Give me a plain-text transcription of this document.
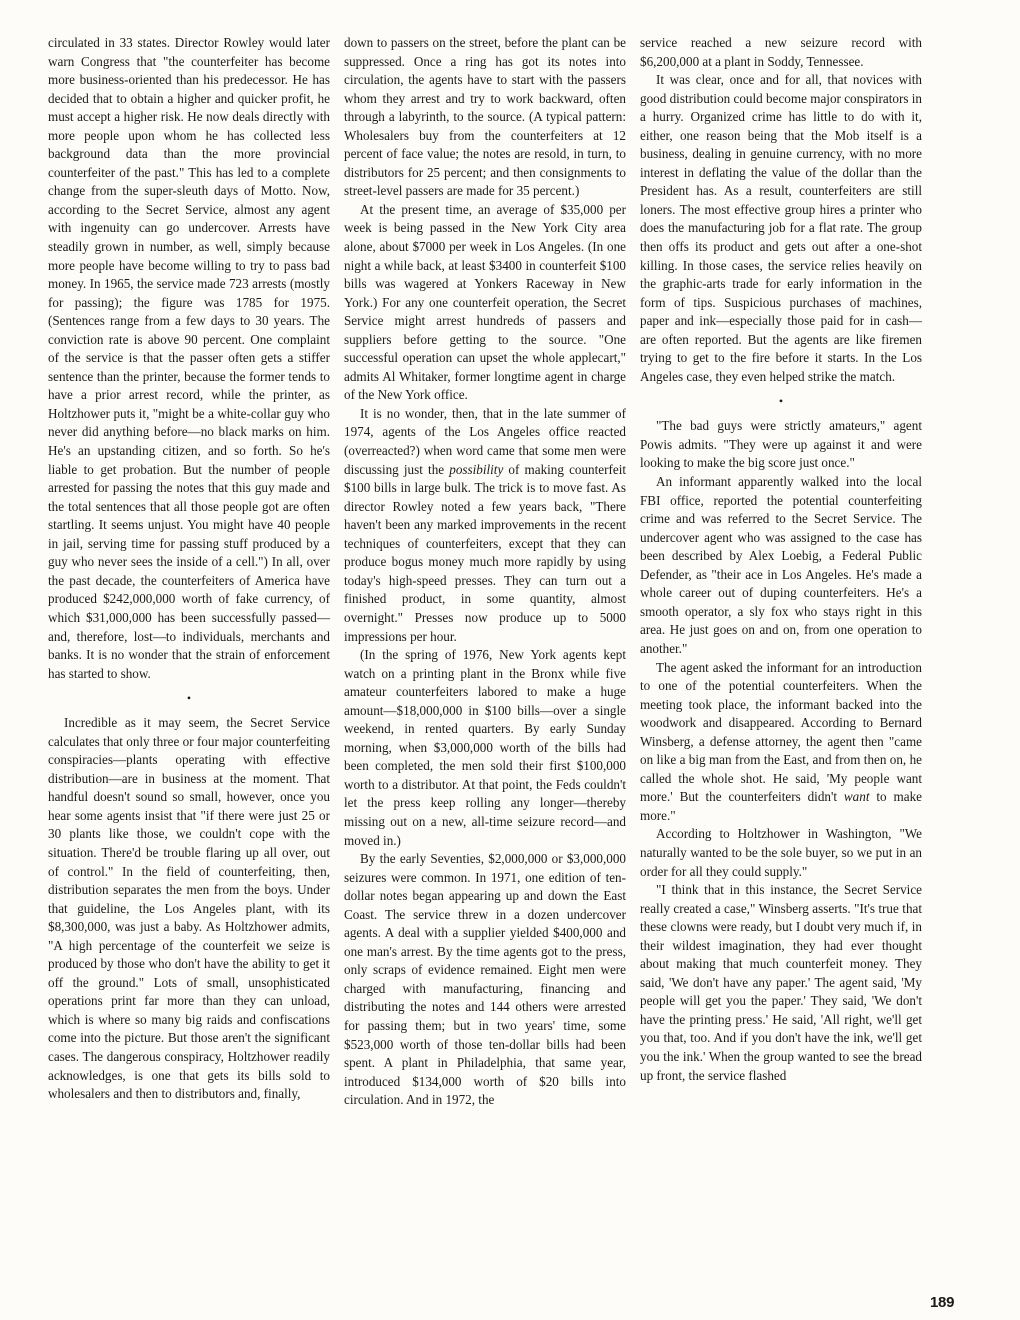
circulated in 33 states. Director Rowley would later warn Congress that "the counterfeiter has become more business-oriented than his predecessor. He has decided that to obtain a higher and quicker profit, he must accept a higher risk. He now deals directly with more people upon whom he has collected less background data than the more provincial counterfeiter of the past." This has led to a complete change from the super-sleuth days of Motto. Now, according to the Secret Service, almost any agent with ingenuity can go undercover. Arrests have steadily grown in number, as well, simply because more people have become willing to try to pass bad money. In 1965, the service made 723 arrests (mostly for passing); the figure was 1785 for 1975. (Sentences range from a few days to 30 years. The conviction rate is above 90 percent. One complaint of the service is that the passer often gets a stiffer sentence than the printer, because the former tends to have a prior arrest record, while the printer, as Holtzhower puts it, "might be a white-collar guy who never did anything before—no black marks on him. He's an upstanding citizen, and so forth. So he's liable to get probation. But the number of people arrested for passing the notes that this guy made and the total sentences that all those people got are often startling. It seems unjust. You might have 40 people in jail, serving time for passing stuff produced by a guy who never sees the inside of a cell.") In all, over the past decade, the counterfeiters of America have produced $242,000,000 worth of fake currency, of which $31,000,000 has been successfully passed—and, therefore, lost—to individuals, merchants and banks. It is no wonder that the strain of enforcement has started to show.

•

Incredible as it may seem, the Secret Service calculates that only three or four major counterfeiting conspiracies—plants operating with effective distribution—are in business at the moment. That handful doesn't sound so small, however, once you hear some agents insist that "if there were just 25 or 30 plants like those, we couldn't cope with the situation. There'd be trouble flaring up all over, out of control." In the field of counterfeiting, then, distribution separates the men from the boys. Under that guideline, the Los Angeles plant, with its $8,300,000, was just a baby. As Holtzhower admits, "A high percentage of the counterfeit we seize is produced by those who don't have the ability to get it off the ground." Lots of small, unsophisticated operations print far more than they can unload, which is where so many big raids and confiscations come into the picture. But those aren't the significant cases. The dangerous conspiracy, Holtzhower readily acknowledges, is one that gets its bills sold to wholesalers and then to distributors and, finally,

down to passers on the street, before the plant can be suppressed. Once a ring has got its notes into circulation, the agents have to start with the passers whom they arrest and try to work backward, often through a labyrinth, to the source. (A typical pattern: Wholesalers buy from the counterfeiters at 12 percent of face value; the notes are resold, in turn, to distributors for 25 percent; and then consignments to street-level passers are made for 35 percent.)

At the present time, an average of $35,000 per week is being passed in the New York City area alone, about $7000 per week in Los Angeles. (In one night a while back, at least $3400 in counterfeit $100 bills was wagered at Yonkers Raceway in New York.) For any one counterfeit operation, the Secret Service might arrest hundreds of passers and suppliers before getting to the source. "One successful operation can upset the whole applecart," admits Al Whitaker, former longtime agent in charge of the New York office.

It is no wonder, then, that in the late summer of 1974, agents of the Los Angeles office reacted (overreacted?) when word came that some men were discussing just the possibility of making counterfeit $100 bills in large bulk. The trick is to move fast. As director Rowley noted a few years back, "There haven't been any marked improvements in the recent techniques of counterfeiters, except that they can produce bogus money much more rapidly by using today's high-speed presses. They can turn out a finished product, in some quantity, almost overnight." Presses now produce up to 5000 impressions per hour.

(In the spring of 1976, New York agents kept watch on a printing plant in the Bronx while five amateur counterfeiters labored to make a huge amount—$18,000,000 in $100 bills—over a single weekend, in rented quarters. By early Sunday morning, when $3,000,000 worth of the bills had been completed, the men sold their first $100,000 worth to a distributor. At that point, the Feds couldn't let the press keep rolling any longer—thereby missing out on a new, all-time seizure record—and moved in.)

By the early Seventies, $2,000,000 or $3,000,000 seizures were common. In 1971, one edition of ten-dollar notes began appearing up and down the East Coast. The service threw in a dozen undercover agents. A deal with a supplier yielded $400,000 and one man's arrest. By the time agents got to the press, only scraps of evidence remained. Eight men were charged with manufacturing, financing and distributing the notes and 144 others were arrested for passing them; but in two years' time, some $523,000 worth of those ten-dollar bills had been spent. A plant in Philadelphia, that same year, introduced $134,000 worth of $20 bills into circulation. And in 1972, the

service reached a new seizure record with $6,200,000 at a plant in Soddy, Tennessee.

It was clear, once and for all, that novices with good distribution could become major conspirators in a hurry. Organized crime has little to do with it, either, one reason being that the Mob itself is a business, dealing in genuine currency, with no more interest in deflating the value of the dollar than the President has. As a result, counterfeiters are still loners. The most effective group hires a printer who does the manufacturing job for a flat rate. The group then offs its product and gets out after a one-shot killing. In those cases, the service relies heavily on the graphic-arts trade for early information in the form of tips. Suspicious purchases of machines, paper and ink—especially those paid for in cash—are often reported. But the agents are like firemen trying to get to the fire before it starts. In the Los Angeles case, they even helped strike the match.

•

"The bad guys were strictly amateurs," agent Powis admits. "They were up against it and were looking to make the big score just once."

An informant apparently walked into the local FBI office, reported the potential counterfeiting crime and was referred to the Secret Service. The undercover agent who was assigned to the case has been described by Alex Loebig, a Federal Public Defender, as "their ace in Los Angeles. He's made a whole career out of duping counterfeiters. He's a smooth operator, a sly fox who stays right in this area. He just goes on and on, from one operation to another."

The agent asked the informant for an introduction to one of the potential counterfeiters. When the meeting took place, the informant backed into the woodwork and disappeared. According to Bernard Winsberg, a defense attorney, the agent then "came on like a big man from the East, and from then on, he called the whole shot. He said, 'My people want more.' But the counterfeiters didn't want to make more."

According to Holtzhower in Washington, "We naturally wanted to be the sole buyer, so we put in an order for all they could supply."

"I think that in this instance, the Secret Service really created a case," Winsberg asserts. "It's true that these clowns were ready, but I doubt very much if, in their wildest imagination, they had ever thought about making that much counterfeit money. They said, 'We don't have any paper.' The agent said, 'My people will get you the paper.' They said, 'We don't have the printing press.' He said, 'All right, we'll get you that, too. And if you don't have the ink, we'll get you the ink.' When the group wanted to see the bread up front, the service flashed

189
